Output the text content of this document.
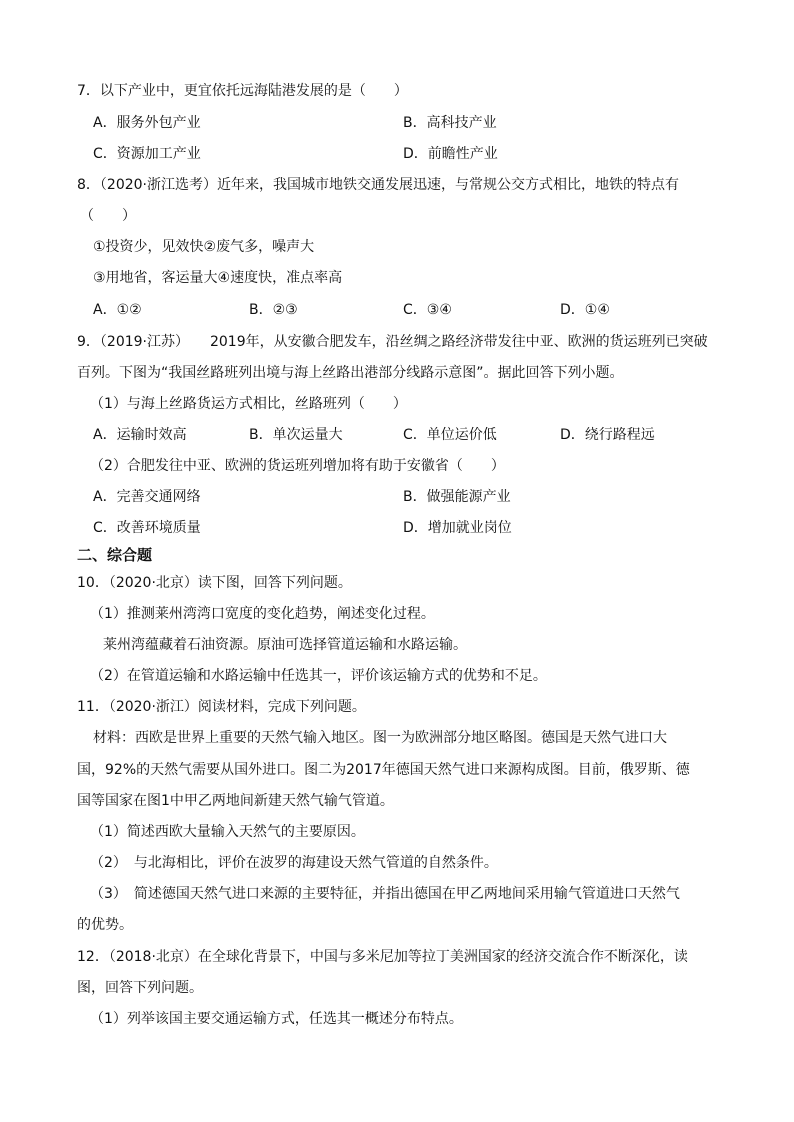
7．以下产业中，更宜依托远海陆港发展的是（　　）
A．服务外包产业	B．高科技产业
C．资源加工产业	D．前瞻性产业
8．（2020·浙江选考）近年来，我国城市地铁交通发展迅速，与常规公交方式相比，地铁的特点有
（　　）
①投资少，见效快②废气多，噪声大
③用地省，客运量大④速度快，准点率高
A．①②	B．②③	C．③④	D．①④
9．（2019·江苏）　　2019年，从安徽合肥发车，沿丝绸之路经济带发往中亚、欧洲的货运班列已突破
百列。下图为“我国丝路班列出境与海上丝路出港部分线路示意图”。据此回答下列小题。
（1）与海上丝路货运方式相比，丝路班列（　　）
A．运输时效高	B．单次运量大	C．单位运价低	D．绕行路程远
（2）合肥发往中亚、欧洲的货运班列增加将有助于安徽省（　　）
A．完善交通网络	B．做强能源产业
C．改善环境质量	D．增加就业岗位
二、综合题
10．（2020·北京）读下图，回答下列问题。
（1）推测莱州湾湾口宽度的变化趋势，阐述变化过程。
莱州湾蕴藏着石油资源。原油可选择管道运输和水路运输。
（2）在管道运输和水路运输中任选其一，评价该运输方式的优势和不足。
11．（2020·浙江）阅读材料，完成下列问题。
材料：西欧是世界上重要的天然气输入地区。图一为欧洲部分地区略图。德国是天然气进口大
国，92%的天然气需要从国外进口。图二为2017年德国天然气进口来源构成图。目前，俄罗斯、德
国等国家在图1中甲乙两地间新建天然气输气管道。
（1）简述西欧大量输入天然气的主要原因。
（2）　与北海相比，评价在波罗的海建设天然气管道的自然条件。
（3）　简述德国天然气进口来源的主要特征，并指出德国在甲乙两地间采用输气管道进口天然气
的优势。
12．（2018·北京）在全球化背景下，中国与多米尼加等拉丁美洲国家的经济交流合作不断深化，读
图，回答下列问题。
（1）列举该国主要交通运输方式，任选其一概述分布特点。
